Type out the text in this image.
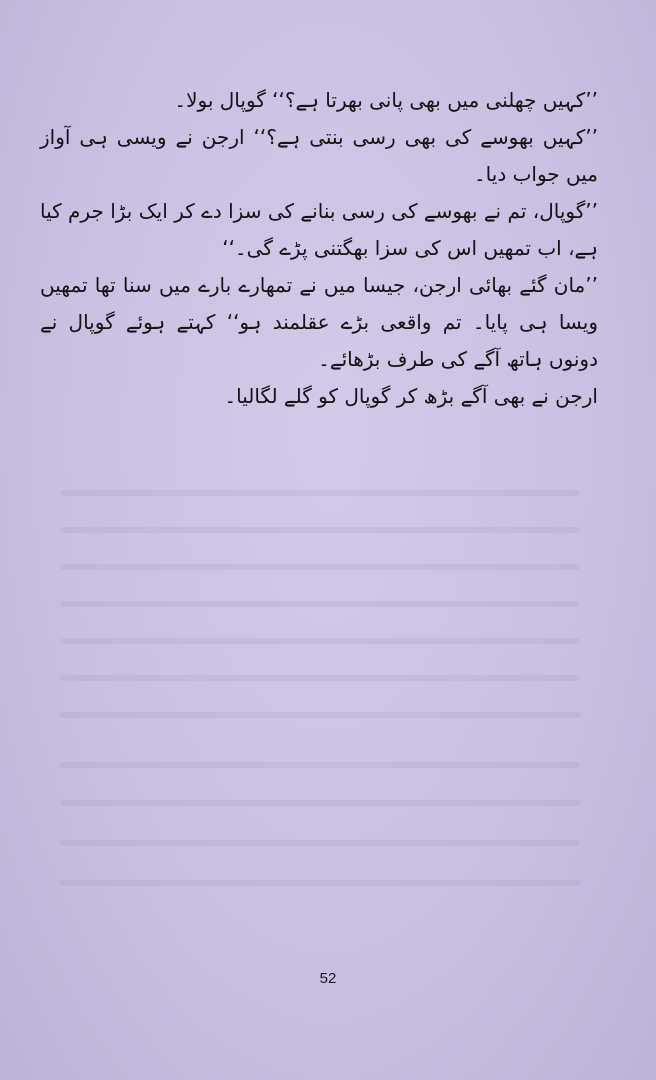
’’کہیں چھلنی میں بھی پانی بھرتا ہے؟‘‘ گوپال بولا۔

’’کہیں بھوسے کی بھی رسی بنتی ہے؟‘‘ ارجن نے ویسی ہی آواز میں جواب دیا۔

’’گوپال، تم نے بھوسے کی رسی بنانے کی سزا دے کر ایک بڑا جرم کیا ہے، اب تمھیں اس کی سزا بھگتنی پڑے گی۔‘‘

’’مان گئے بھائی ارجن، جیسا میں نے تمھارے بارے میں سنا تھا تمھیں ویسا ہی پایا۔ تم واقعی بڑے عقلمند ہو‘‘ کہتے ہوئے گوپال نے دونوں ہاتھ آگے کی طرف بڑھائے۔

ارجن نے بھی آگے بڑھ کر گوپال کو گلے لگالیا۔

52
